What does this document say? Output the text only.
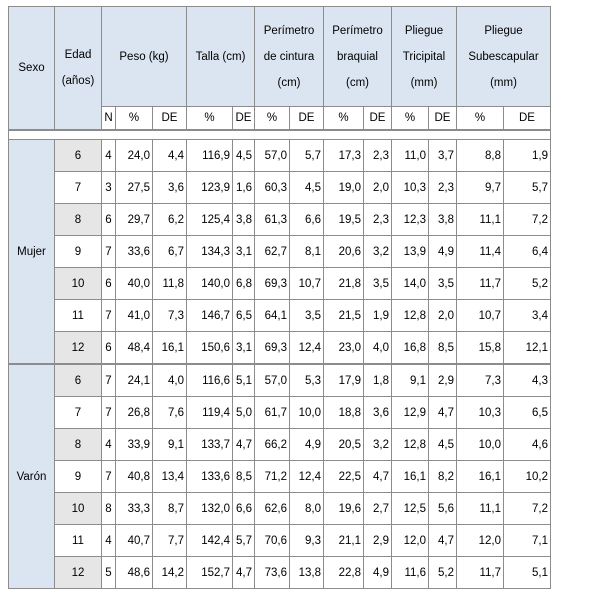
Sexo	Edad (años)	Peso (kg)			Talla (cm)		Perímetro de cintura (cm)		Perímetro braquial (cm)		Pliegue Tricipital (mm)		Pliegue Subescapular (mm)	
		N	%	DE	%	DE	%	DE	%	DE	%	DE	%	DE

Mujer	6	4	24,0	4,4	116,9	4,5	57,0	5,7	17,3	2,3	11,0	3,7	8,8	1,9
	7	3	27,5	3,6	123,9	1,6	60,3	4,5	19,0	2,0	10,3	2,3	9,7	5,7
	8	6	29,7	6,2	125,4	3,8	61,3	6,6	19,5	2,3	12,3	3,8	11,1	7,2
	9	7	33,6	6,7	134,3	3,1	62,7	8,1	20,6	3,2	13,9	4,9	11,4	6,4
	10	6	40,0	11,8	140,0	6,8	69,3	10,7	21,8	3,5	14,0	3,5	11,7	5,2
	11	7	41,0	7,3	146,7	6,5	64,1	3,5	21,5	1,9	12,8	2,0	10,7	3,4
	12	6	48,4	16,1	150,6	3,1	69,3	12,4	23,0	4,0	16,8	8,5	15,8	12,1
Varón	6	7	24,1	4,0	116,6	5,1	57,0	5,3	17,9	1,8	9,1	2,9	7,3	4,3
	7	7	26,8	7,6	119,4	5,0	61,7	10,0	18,8	3,6	12,9	4,7	10,3	6,5
	8	4	33,9	9,1	133,7	4,7	66,2	4,9	20,5	3,2	12,8	4,5	10,0	4,6
	9	7	40,8	13,4	133,6	8,5	71,2	12,4	22,5	4,7	16,1	8,2	16,1	10,2
	10	8	33,3	8,7	132,0	6,6	62,6	8,0	19,6	2,7	12,5	5,6	11,1	7,2
	11	4	40,7	7,7	142,4	5,7	70,6	9,3	21,1	2,9	12,0	4,7	12,0	7,1
	12	5	48,6	14,2	152,7	4,7	73,6	13,8	22,8	4,9	11,6	5,2	11,7	5,1
